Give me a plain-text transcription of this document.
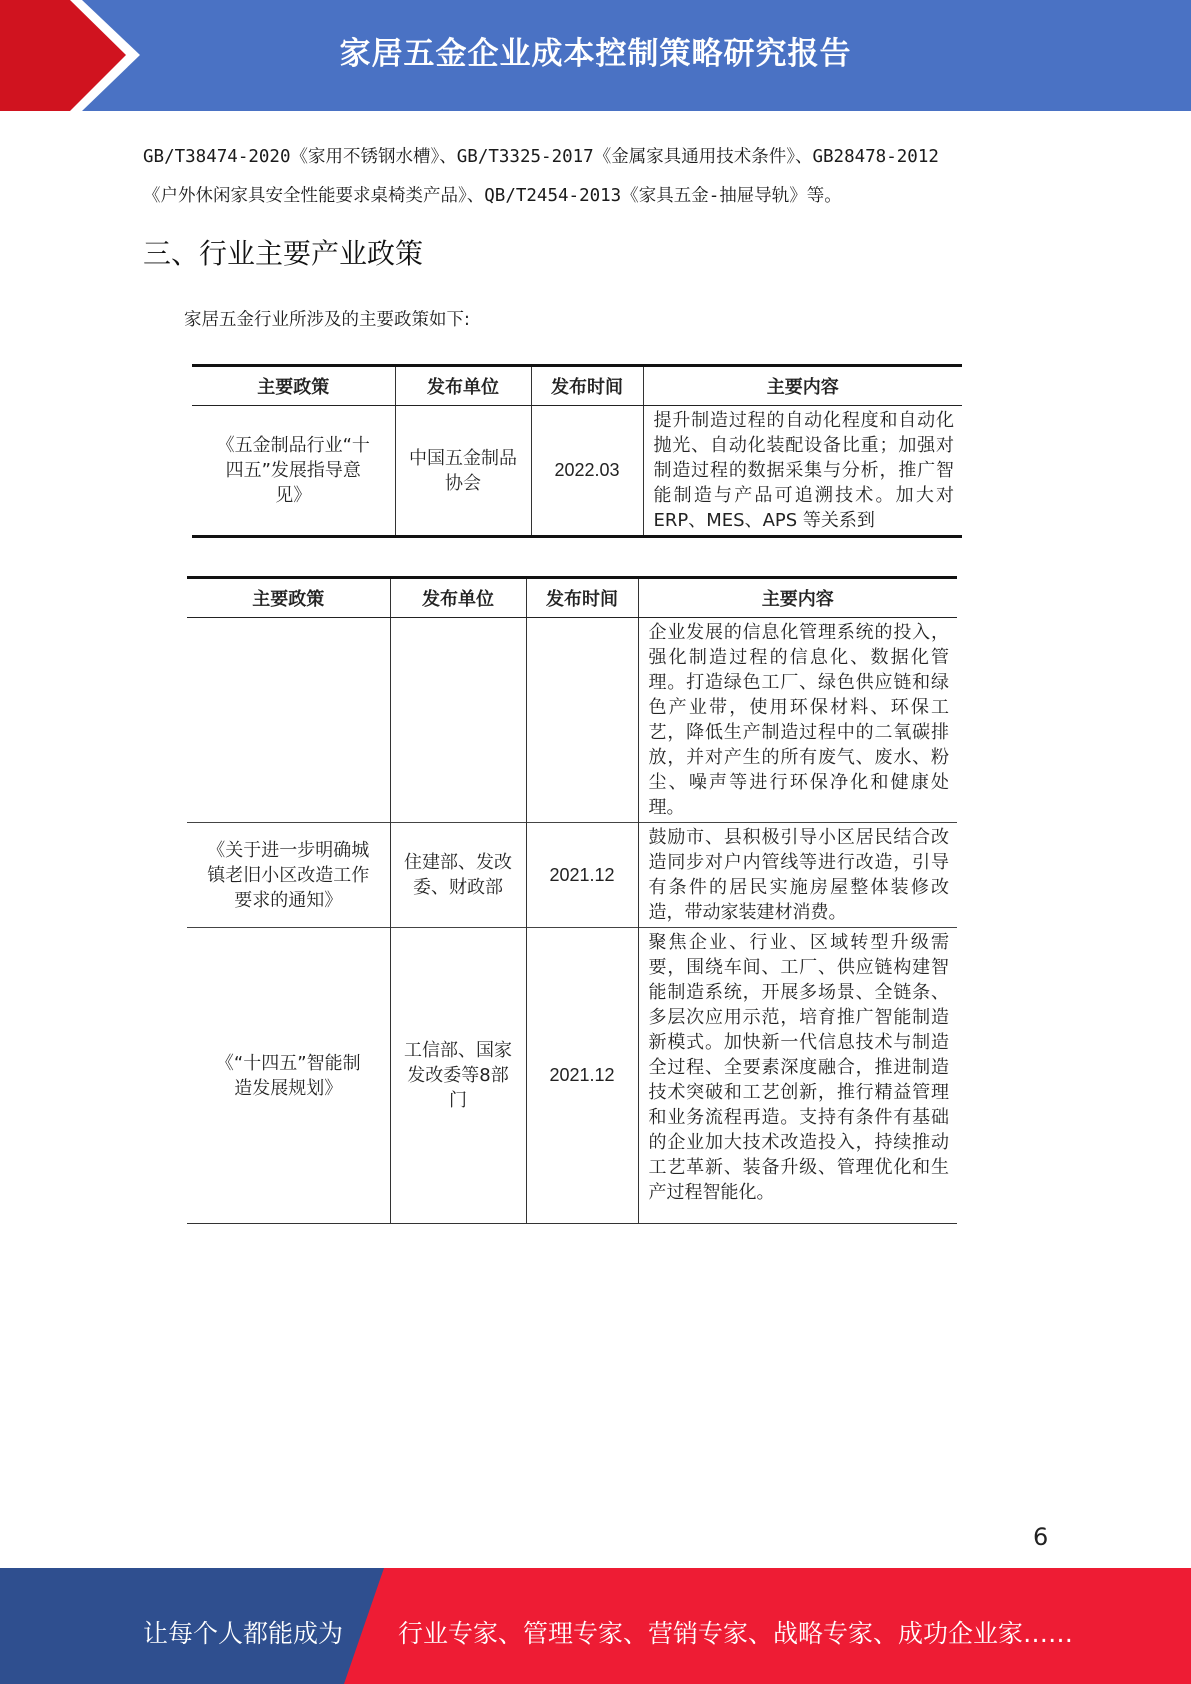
家居五金企业成本控制策略研究报告
GB/T38474-2020《家用不锈钢水槽》、GB/T3325-2017《金属家具通用技术条件》、GB28478-2012
《户外休闲家具安全性能要求桌椅类产品》、QB/T2454-2013《家具五金-抽屉导轨》等。
三、行业主要产业政策
家居五金行业所涉及的主要政策如下:
主要政策	发布单位	发布时间	主要内容
《五金制品行业“十四五”发展指导意见》	中国五金制品协会	2022.03	提升制造过程的自动化程度和自动化抛光、自动化装配设备比重；加强对制造过程的数据采集与分析，推广智能制造与产品可追溯技术。加大对 ERP、MES、APS 等关系到
主要政策	发布单位	发布时间	主要内容
			企业发展的信息化管理系统的投入，强化制造过程的信息化、数据化管理。打造绿色工厂、绿色供应链和绿色产业带，使用环保材料、环保工艺，降低生产制造过程中的二氧碳排放，并对产生的所有废气、废水、粉尘、噪声等进行环保净化和健康处理。
《关于进一步明确城镇老旧小区改造工作要求的通知》	住建部、发改委、财政部	2021.12	鼓励市、县积极引导小区居民结合改造同步对户内管线等进行改造，引导有条件的居民实施房屋整体装修改造，带动家装建材消费。
《“十四五”智能制造发展规划》	工信部、国家发改委等8部门	2021.12	聚焦企业、行业、区域转型升级需要，围绕车间、工厂、供应链构建智能制造系统，开展多场景、全链条、多层次应用示范，培育推广智能制造新模式。加快新一代信息技术与制造全过程、全要素深度融合，推进制造技术突破和工艺创新，推行精益管理和业务流程再造。支持有条件有基础的企业加大技术改造投入，持续推动工艺革新、装备升级、管理优化和生产过程智能化。
6
让每个人都能成为 行业专家、管理专家、营销专家、战略专家、成功企业家……
